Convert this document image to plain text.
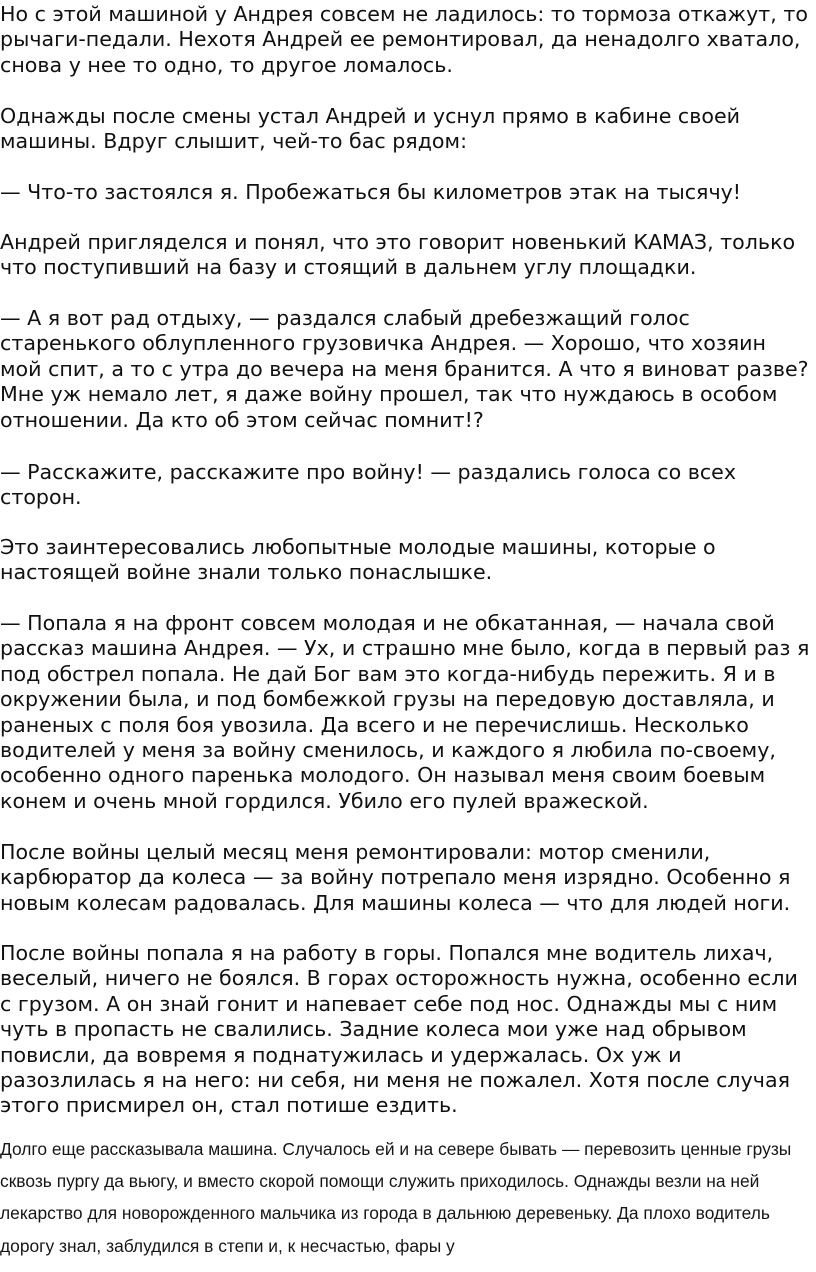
Но с этой машиной у Андрея совсем не ладилось: то тормоза откажут, то рычаги-педали. Нехотя Андрей ее ремонтировал, да ненадолго хватало, снова у нее то одно, то другое ломалось.

Однажды после смены устал Андрей и уснул прямо в кабине своей машины. Вдруг слышит, чей-то бас рядом:

— Что-то застоялся я. Пробежаться бы километров этак на тысячу!

Андрей пригляделся и понял, что это говорит новенький КАМАЗ, только что поступивший на базу и стоящий в дальнем углу площадки.

— А я вот рад отдыху, — раздался слабый дребезжащий голос старенького облупленного грузовичка Андрея. — Хорошо, что хозяин мой спит, а то с утра до вечера на меня бранится. А что я виноват разве? Мне уж немало лет, я даже войну прошел, так что нуждаюсь в особом отношении. Да кто об этом сейчас помнит!?

— Расскажите, расскажите про войну! — раздались голоса со всех сторон.

Это заинтересовались любопытные молодые машины, которые о настоящей войне знали только понаслышке.

— Попала я на фронт совсем молодая и не обкатанная, — начала свой рассказ машина Андрея. — Ух, и страшно мне было, когда в первый раз я под обстрел попала. Не дай Бог вам это когда-нибудь пережить. Я и в окружении была, и под бомбежкой грузы на передовую доставляла, и раненых с поля боя увозила. Да всего и не перечислишь. Несколько водителей у меня за войну сменилось, и каждого я любила по-своему, особенно одного паренька молодого. Он называл меня своим боевым конем и очень мной гордился. Убило его пулей вражеской.

После войны целый месяц меня ремонтировали: мотор сменили, карбюратор да колеса — за войну потрепало меня изрядно. Особенно я новым колесам радовалась. Для машины колеса — что для людей ноги.

После войны попала я на работу в горы. Попался мне водитель лихач, веселый, ничего не боялся. В горах осторожность нужна, особенно если с грузом. А он знай гонит и напевает себе под нос. Однажды мы с ним чуть в пропасть не свалились. Задние колеса мои уже над обрывом повисли, да вовремя я поднатужилась и удержалась. Ох уж и разозлилась я на него: ни себя, ни меня не пожалел. Хотя после случая этого присмирел он, стал потише ездить.

Долго еще рассказывала машина. Случалось ей и на севере бывать — перевозить ценные грузы сквозь пургу да вьюгу, и вместо скорой помощи служить приходилось. Однажды везли на ней лекарство для новорожденного мальчика из города в дальнюю деревеньку. Да плохо водитель дорогу знал, заблудился в степи и, к несчастью, фары у
